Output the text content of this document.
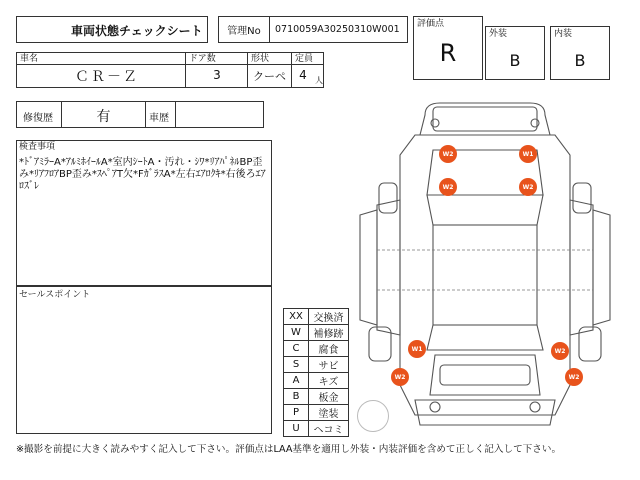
車両状態チェックシート	管理No	0710059A30250310W001 評価点
R
外装
B
内装
B
車名
ＣＲ－Ｚ
ドア数
3
形状
クーペ
定員
4	人
修復歴	有	車歴
検査事項
*ﾄﾞｱﾐﾗｰA*ｱﾙﾐﾎｲｰﾙA*室内ｼｰﾄA・汚れ・ｼﾜ*ﾘｱﾊﾟﾈﾙBP歪み*ﾘｱﾌﾛｱBP歪み*ｽﾍﾟｱT欠*FｶﾞﾗｽA*左右ｴｱﾛｸｷ*右後ろｴｱﾛｽﾞﾚ
セールスポイント
XX	交換済
W	補修跡
C	腐食
S	サビ
A	キズ
B	板金
P	塗装
U	ヘコミ
W2	W1
W2	W2
W1	W2
W2	W2
※撮影を前提に大きく読みやすく記入して下さい。評価点はLAA基準を適用し外装・内装評価を含めて正しく記入して下さい。
